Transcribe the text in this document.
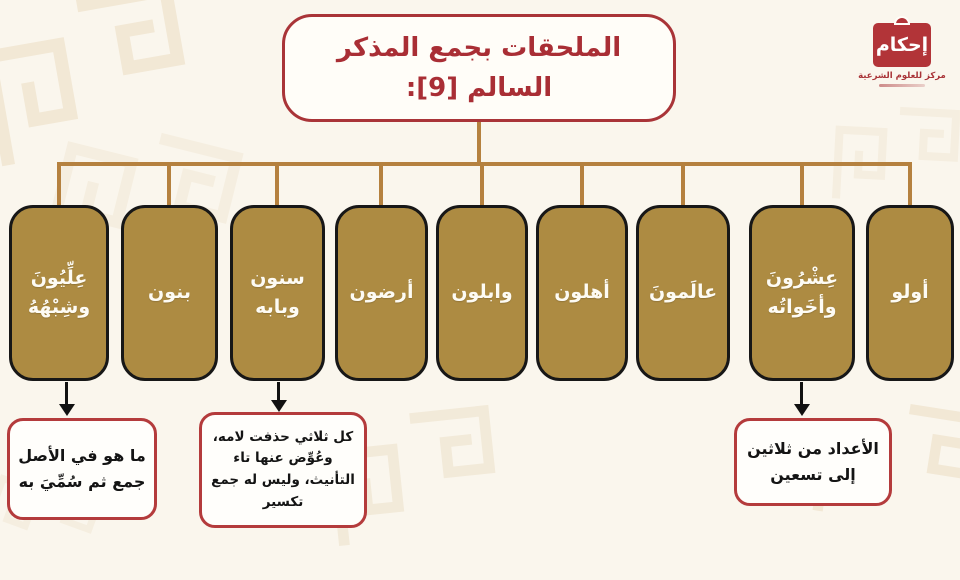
الملحقات بجمع المذكر السالم [9]:
إحكام
مركز للعلوم الشرعية
عِلِّيُونَ وشِبْهُهُ
بنون
سنون وبابه
أرضون وابلون أهلون عالَمونَ
عِشْرُونَ وأخَواتُه
أولو
ما هو في الأصل جمع ثم سُمِّيَ به
كل ثلاثي حذفت لامه، وعُوِّض عنها تاء التأنيث، وليس له جمع تكسير
الأعداد من ثلاثين إلى تسعين
